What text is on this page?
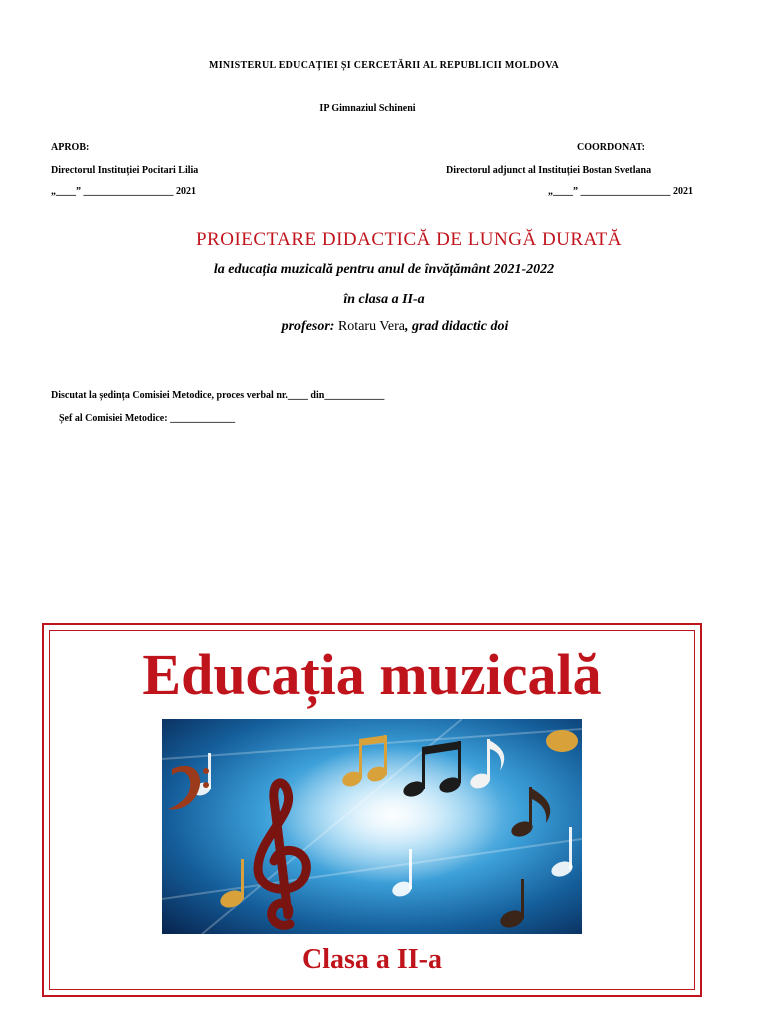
MINISTERUL EDUCAȚIEI ȘI CERCETĂRII AL REPUBLICII MOLDOVA
IP Gimnaziul Schineni
APROB:
Directorul Instituției Pocitari Lilia
„____” __________________ 2021
COORDONAT:
Directorul adjunct al Instituției Bostan Svetlana
„____” __________________ 2021
PROIECTARE DIDACTICĂ DE LUNGĂ DURATĂ
la educația muzicală pentru anul de învățământ 2021-2022
în clasa a II-a
profesor: Rotaru Vera, grad didactic doi
Discutat la ședința Comisiei Metodice, proces verbal nr.____ din____________
Șef al Comisiei Metodice: _____________
Educația muzicală
Clasa a II-a
